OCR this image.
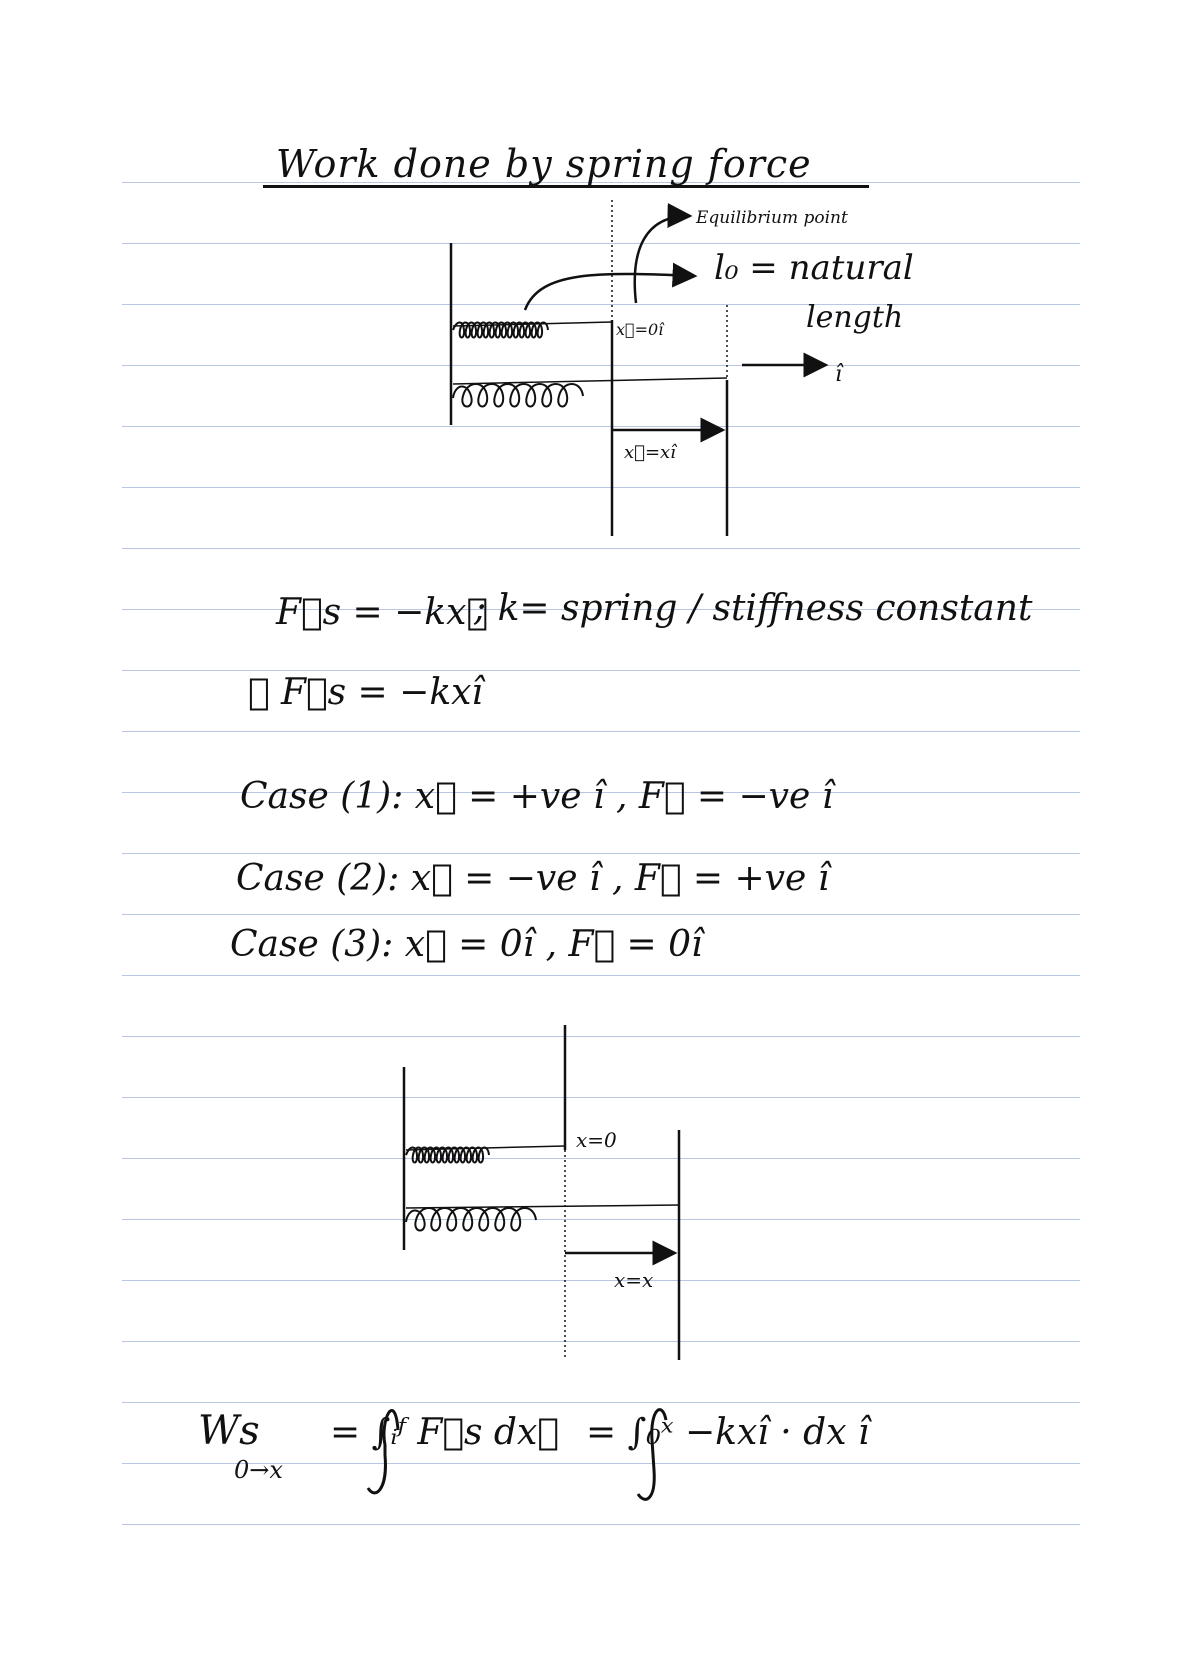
Work done by spring force
Equilibrium point
l₀ = natural
length
î
x⃗=0î
x⃗=xî
F⃗s = −kx⃗
; k= spring / stiffness constant
∴ F⃗s = −kxî
Case (1): x⃗ = +ve î , F⃗ = −ve î
Case (2): x⃗ = −ve î , F⃗ = +ve î
Case (3): x⃗ = 0î , F⃗ = 0î
x=0
x=x
Ws
0→x
= ∫ᵢᶠ F⃗s dx⃗ = ∫₀ˣ −kxî · dx î
